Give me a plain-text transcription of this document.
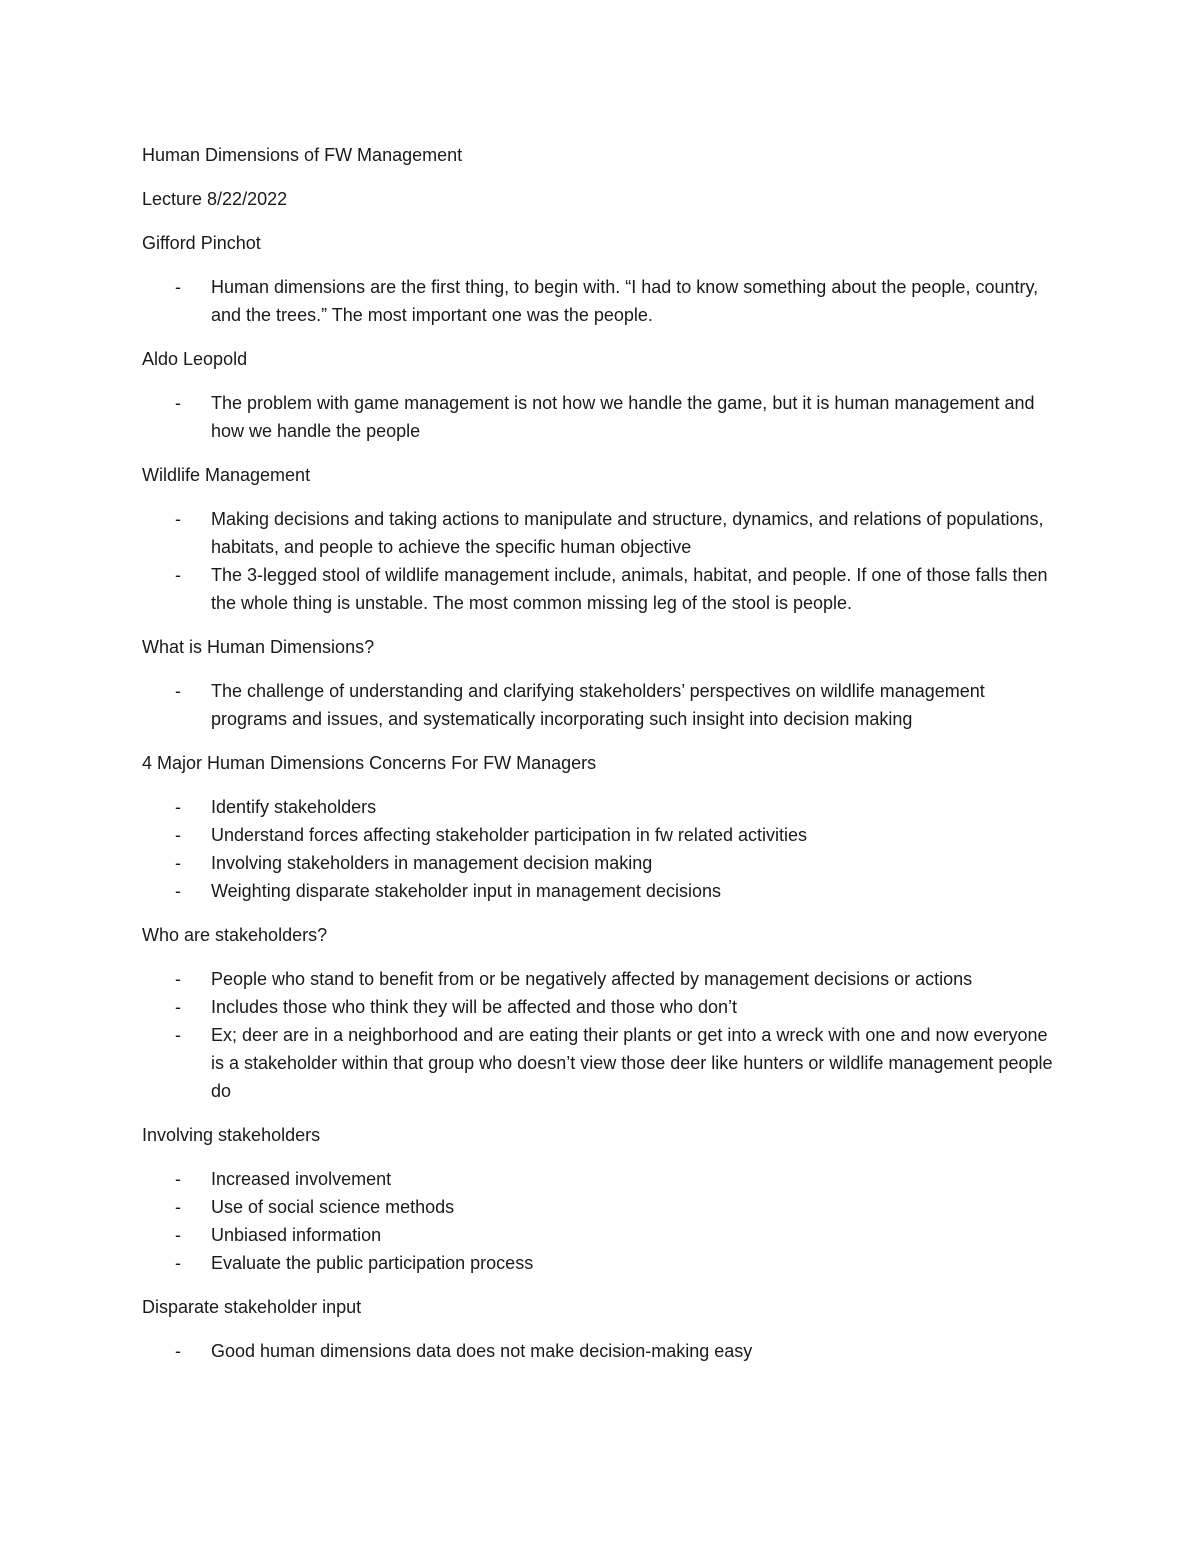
Human Dimensions of FW Management

Lecture 8/22/2022

Gifford Pinchot

- Human dimensions are the first thing, to begin with. “I had to know something about the people, country, and the trees.” The most important one was the people.

Aldo Leopold

- The problem with game management is not how we handle the game, but it is human management and how we handle the people

Wildlife Management

- Making decisions and taking actions to manipulate and structure, dynamics, and relations of populations, habitats, and people to achieve the specific human objective
- The 3-legged stool of wildlife management include, animals, habitat, and people. If one of those falls then the whole thing is unstable. The most common missing leg of the stool is people.

What is Human Dimensions?

- The challenge of understanding and clarifying stakeholders’ perspectives on wildlife management programs and issues, and systematically incorporating such insight into decision making

4 Major Human Dimensions Concerns For FW Managers

- Identify stakeholders
- Understand forces affecting stakeholder participation in fw related activities
- Involving stakeholders in management decision making
- Weighting disparate stakeholder input in management decisions

Who are stakeholders?

- People who stand to benefit from or be negatively affected by management decisions or actions
- Includes those who think they will be affected and those who don’t
- Ex; deer are in a neighborhood and are eating their plants or get into a wreck with one and now everyone is a stakeholder within that group who doesn’t view those deer like hunters or wildlife management people do

Involving stakeholders

- Increased involvement
- Use of social science methods
- Unbiased information
- Evaluate the public participation process

Disparate stakeholder input

- Good human dimensions data does not make decision-making easy
